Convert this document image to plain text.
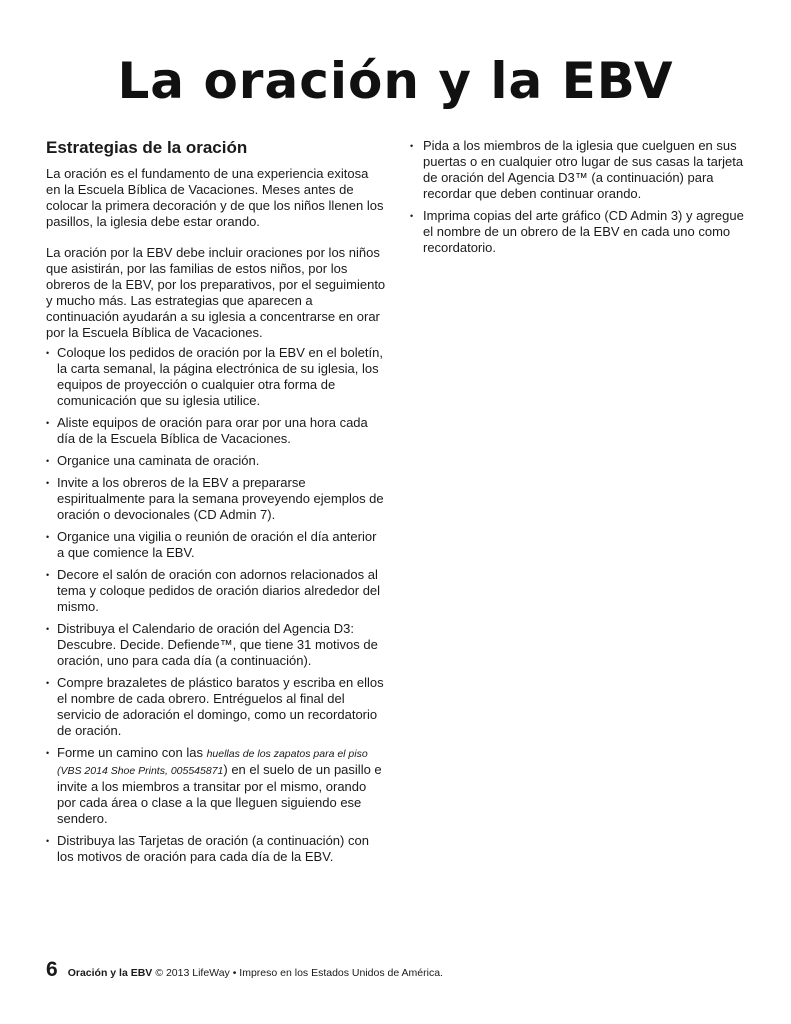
La oración y la EBV
Estrategias de la oración

La oración es el fundamento de una experiencia exitosa en la Escuela Bíblica de Vacaciones. Meses antes de colocar la primera decoración y de que los niños llenen los pasillos, la iglesia debe estar orando.

La oración por la EBV debe incluir oraciones por los niños que asistirán, por las familias de estos niños, por los obreros de la EBV, por los preparativos, por el seguimiento y mucho más. Las estrategias que aparecen a continuación ayudarán a su iglesia a concentrarse en orar por la Escuela Bíblica de Vacaciones.

• Coloque los pedidos de oración por la EBV en el boletín, la carta semanal, la página electrónica de su iglesia, los equipos de proyección o cualquier otra forma de comunicación que su iglesia utilice.
• Aliste equipos de oración para orar por una hora cada día de la Escuela Bíblica de Vacaciones.
• Organice una caminata de oración.
• Invite a los obreros de la EBV a prepararse espiritualmente para la semana proveyendo ejemplos de oración o devocionales (CD Admin 7).
• Organice una vigilia o reunión de oración el día anterior a que comience la EBV.
• Decore el salón de oración con adornos relacionados al tema y coloque pedidos de oración diarios alrededor del mismo.
• Distribuya el Calendario de oración del Agencia D3: Descubre. Decide. Defiende™, que tiene 31 motivos de oración, uno para cada día (a continuación).
• Compre brazaletes de plástico baratos y escriba en ellos el nombre de cada obrero. Entréguelos al final del servicio de adoración el domingo, como un recordatorio de oración.
• Forme un camino con las huellas de los zapatos para el piso (VBS 2014 Shoe Prints, 005545871) en el suelo de un pasillo e invite a los miembros a transitar por el mismo, orando por cada área o clase a la que lleguen siguiendo ese sendero.
• Distribuya las Tarjetas de oración (a continuación) con los motivos de oración para cada día de la EBV.
• Pida a los miembros de la iglesia que cuelguen en sus puertas o en cualquier otro lugar de sus casas la tarjeta de oración del Agencia D3™ (a continuación) para recordar que deben continuar orando.
• Imprima copias del arte gráfico (CD Admin 3) y agregue el nombre de un obrero de la EBV en cada uno como recordatorio.
6 Oración y la EBV © 2013 LifeWay • Impreso en los Estados Unidos de América.
